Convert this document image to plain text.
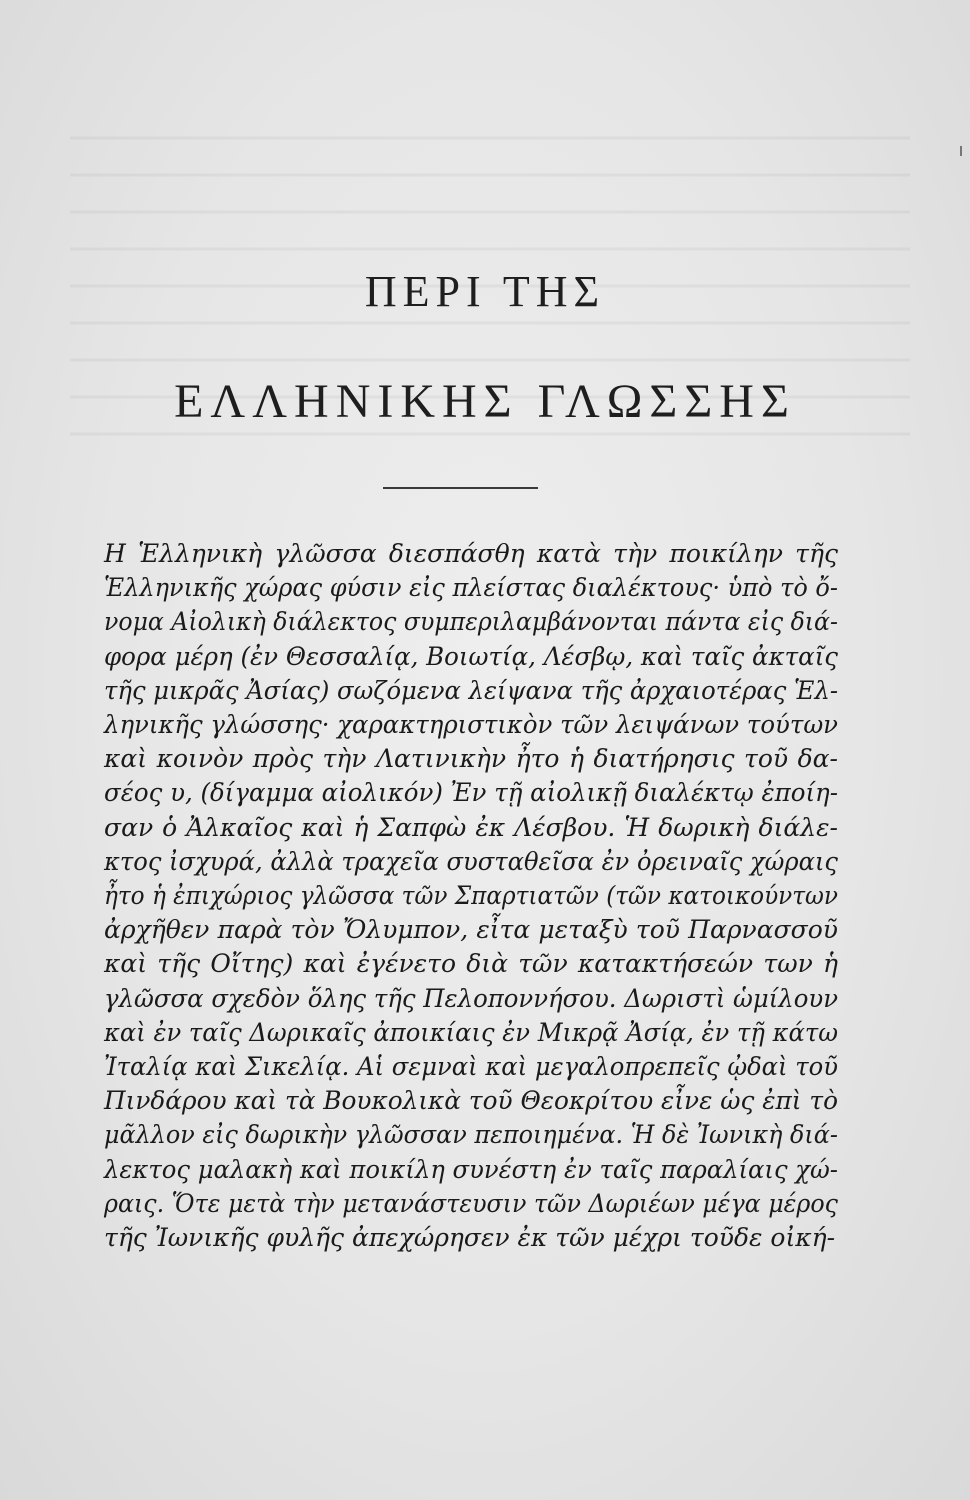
ΠΕΡΙ ΤΗΣ
ΕΛΛΗΝΙΚΗΣ ΓΛΩΣΣΗΣ
Η Ἑλληνικὴ γλῶσσα διεσπάσθη κατὰ τὴν ποικίλην τῆς
Ἑλληνικῆς χώρας φύσιν εἰς πλείστας διαλέκτους· ὑπὸ τὸ ὄ-
νομα Αἰολικὴ διάλεκτος συμπεριλαμβάνονται πάντα εἰς διά-
φορα μέρη (ἐν Θεσσαλίᾳ, Βοιωτίᾳ, Λέσβῳ, καὶ ταῖς ἀκταῖς
τῆς μικρᾶς Ἀσίας) σωζόμενα λείψανα τῆς ἀρχαιοτέρας Ἑλ-
ληνικῆς γλώσσης· χαρακτηριστικὸν τῶν λειψάνων τούτων
καὶ κοινὸν πρὸς τὴν Λατινικὴν ἦτο ἡ διατήρησις τοῦ δα-
σέος υ, (δίγαμμα αἰολικόν) Ἐν τῇ αἰολικῇ διαλέκτῳ ἐποίη-
σαν ὁ Ἀλκαῖος καὶ ἡ Σαπφὼ ἐκ Λέσβου. Ἡ δωρικὴ διάλε-
κτος ἰσχυρά, ἀλλὰ τραχεῖα συσταθεῖσα ἐν ὀρειναῖς χώραις
ἦτο ἡ ἐπιχώριος γλῶσσα τῶν Σπαρτιατῶν (τῶν κατοικούντων
ἀρχῆθεν παρὰ τὸν Ὄλυμπον, εἶτα μεταξὺ τοῦ Παρνασσοῦ
καὶ τῆς Οἴτης) καὶ ἐγένετο διὰ τῶν κατακτήσεών των ἡ
γλῶσσα σχεδὸν ὅλης τῆς Πελοποννήσου. Δωριστὶ ὡμίλουν
καὶ ἐν ταῖς Δωρικαῖς ἀποικίαις ἐν Μικρᾷ Ἀσίᾳ, ἐν τῇ κάτω
Ἰταλίᾳ καὶ Σικελίᾳ. Αἱ σεμναὶ καὶ μεγαλοπρεπεῖς ᾠδαὶ τοῦ
Πινδάρου καὶ τὰ Βουκολικὰ τοῦ Θεοκρίτου εἶνε ὡς ἐπὶ τὸ
μᾶλλον εἰς δωρικὴν γλῶσσαν πεποιημένα. Ἡ δὲ Ἰωνικὴ διά-
λεκτος μαλακὴ καὶ ποικίλη συνέστη ἐν ταῖς παραλίαις χώ-
ραις. Ὅτε μετὰ τὴν μετανάστευσιν τῶν Δωριέων μέγα μέρος
τῆς Ἰωνικῆς φυλῆς ἀπεχώρησεν ἐκ τῶν μέχρι τοῦδε οἰκή-
